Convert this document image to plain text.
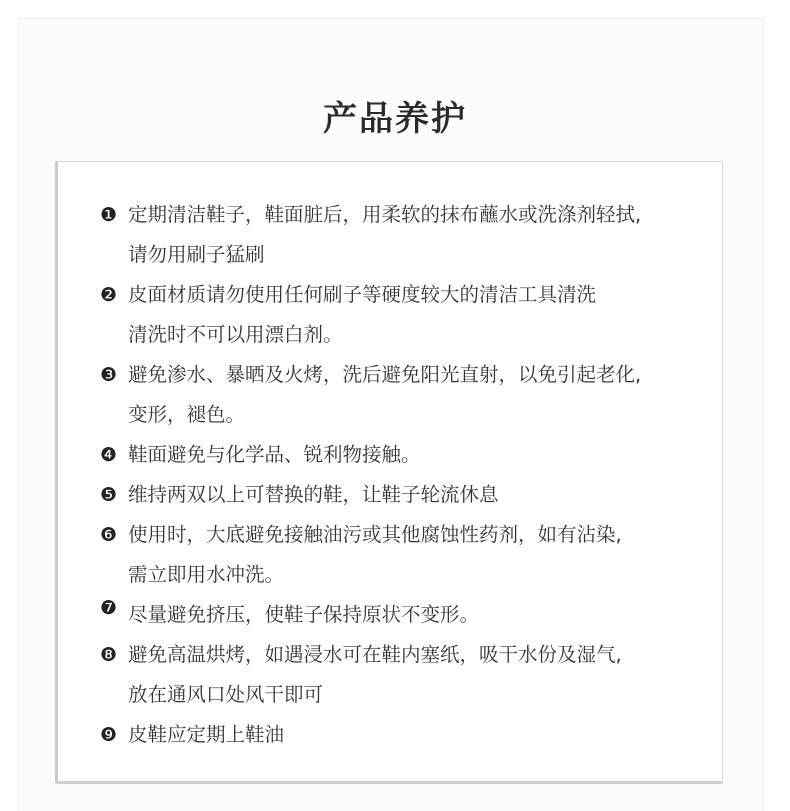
产品养护
❶ 定期清洁鞋子，鞋面脏后，用柔软的抹布蘸水或洗涤剂轻拭,
请勿用刷子猛刷
❷ 皮面材质请勿使用任何刷子等硬度较大的清洁工具清洗
清洗时不可以用漂白剂。
❸ 避免渗水、暴晒及火烤，洗后避免阳光直射，以免引起老化,
变形，褪色。
❹ 鞋面避免与化学品、锐利物接触。
❺ 维持两双以上可替换的鞋，让鞋子轮流休息
❻ 使用时，大底避免接触油污或其他腐蚀性药剂，如有沾染,
需立即用水冲洗。
❼ 尽量避免挤压，使鞋子保持原状不变形。
❽ 避免高温烘烤，如遇浸水可在鞋内塞纸，吸干水份及湿气,
放在通风口处风干即可
❾ 皮鞋应定期上鞋油
